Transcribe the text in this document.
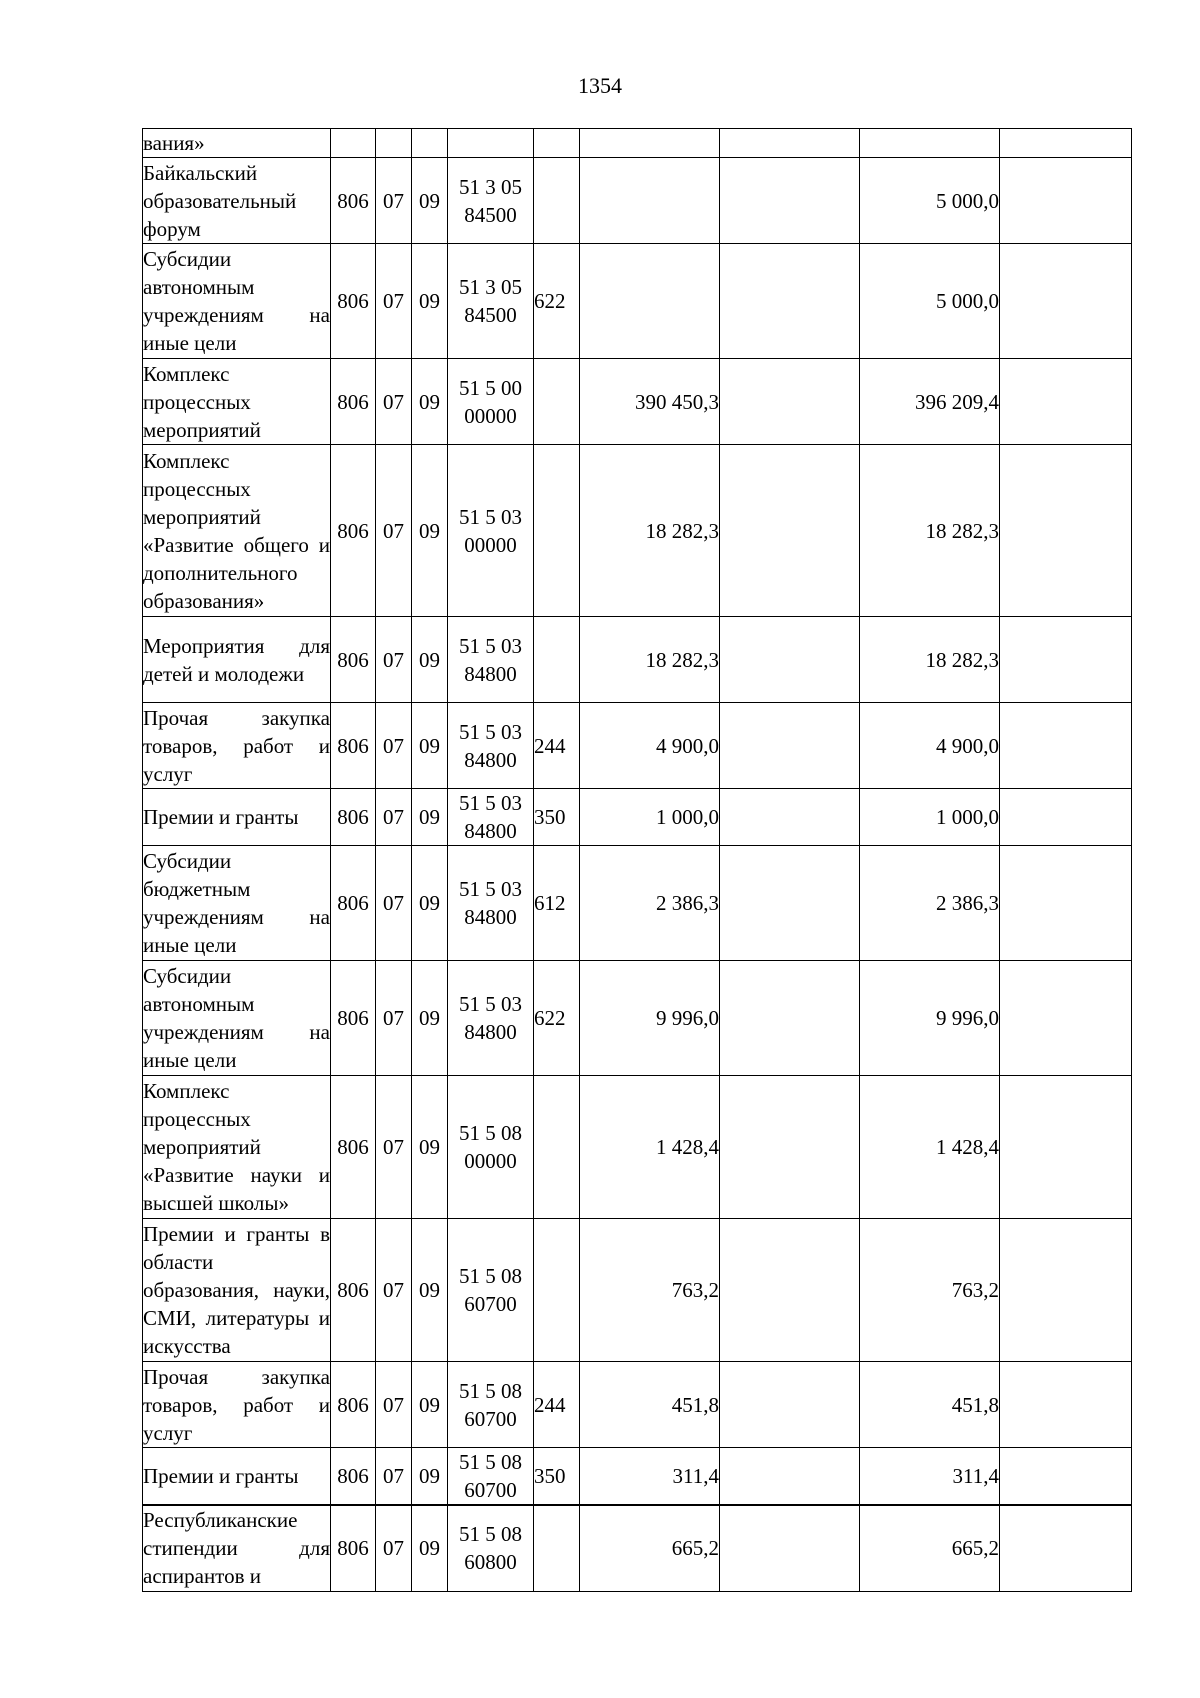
1354
вания»									
Байкальский образовательный форум	806	07	09	51 3 05 84500				5 000,0	
Субсидии автономным учреждениям на иные цели	806	07	09	51 3 05 84500	622			5 000,0	
Комплекс процессных мероприятий	806	07	09	51 5 00 00000		390 450,3		396 209,4	
Комплекс процессных мероприятий «Развитие общего и дополнительного образования»	806	07	09	51 5 03 00000		18 282,3		18 282,3	
Мероприятия для детей и молодежи	806	07	09	51 5 03 84800		18 282,3		18 282,3	
Прочая закупка товаров, работ и услуг	806	07	09	51 5 03 84800	244	4 900,0		4 900,0	
Премии и гранты	806	07	09	51 5 03 84800	350	1 000,0		1 000,0	
Субсидии бюджетным учреждениям на иные цели	806	07	09	51 5 03 84800	612	2 386,3		2 386,3	
Субсидии автономным учреждениям на иные цели	806	07	09	51 5 03 84800	622	9 996,0		9 996,0	
Комплекс процессных мероприятий «Развитие науки и высшей школы»	806	07	09	51 5 08 00000		1 428,4		1 428,4	
Премии и гранты в области образования, науки, СМИ, литературы и искусства	806	07	09	51 5 08 60700		763,2		763,2	
Прочая закупка товаров, работ и услуг	806	07	09	51 5 08 60700	244	451,8		451,8	
Премии и гранты	806	07	09	51 5 08 60700	350	311,4		311,4	
Республиканские стипендии для аспирантов и	806	07	09	51 5 08 60800		665,2		665,2	
